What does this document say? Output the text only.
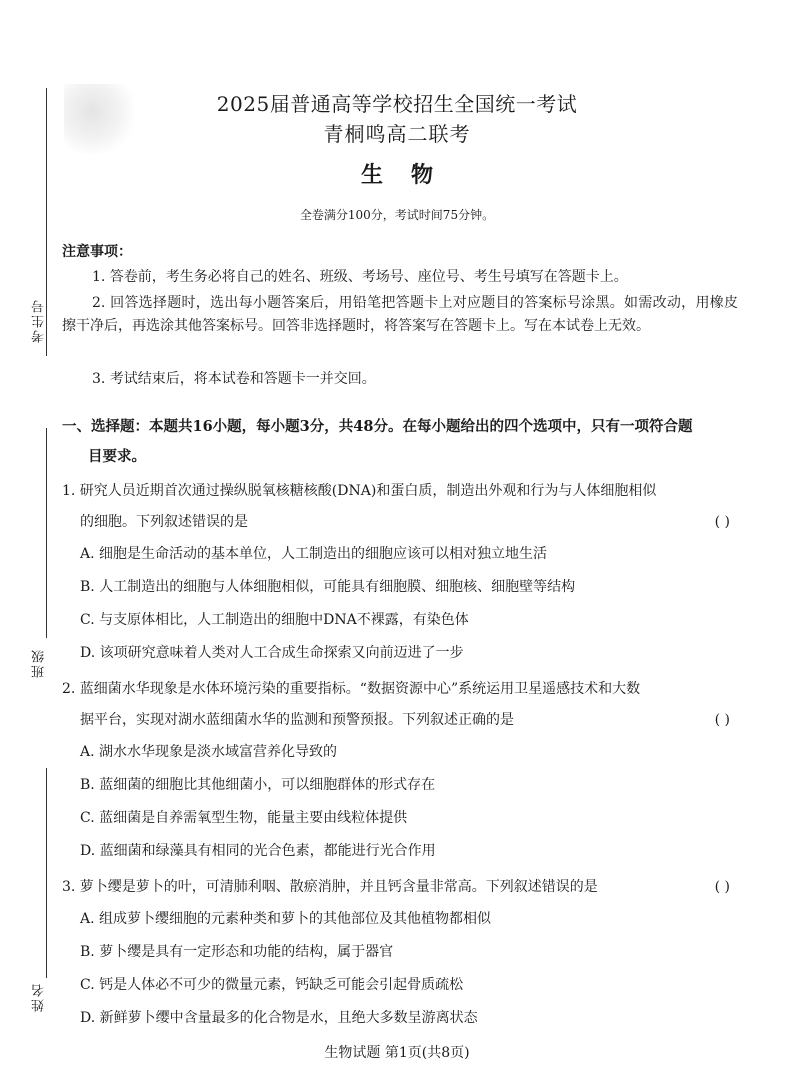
考生号
班级
姓名
2025届普通高等学校招生全国统一考试
青桐鸣高二联考
生物
全卷满分100分，考试时间75分钟。
注意事项：
1. 答卷前，考生务必将自己的姓名、班级、考场号、座位号、考生号填写在答题卡上。
2. 回答选择题时，选出每小题答案后，用铅笔把答题卡上对应题目的答案标号涂黑。如需改动，用橡皮擦干净后，再选涂其他答案标号。回答非选择题时，将答案写在答题卡上。写在本试卷上无效。
3. 考试结束后，将本试卷和答题卡一并交回。
一、选择题：本题共16小题，每小题3分，共48分。在每小题给出的四个选项中，只有一项符合题
目要求。
1. 研究人员近期首次通过操纵脱氧核糖核酸(DNA)和蛋白质，制造出外观和行为与人体细胞相似
的细胞。下列叙述错误的是	( )
A. 细胞是生命活动的基本单位，人工制造出的细胞应该可以相对独立地生活
B. 人工制造出的细胞与人体细胞相似，可能具有细胞膜、细胞核、细胞壁等结构
C. 与支原体相比，人工制造出的细胞中DNA不裸露，有染色体
D. 该项研究意味着人类对人工合成生命探索又向前迈进了一步
2. 蓝细菌水华现象是水体环境污染的重要指标。“数据资源中心”系统运用卫星遥感技术和大数
据平台，实现对湖水蓝细菌水华的监测和预警预报。下列叙述正确的是	( )
A. 湖水水华现象是淡水域富营养化导致的
B. 蓝细菌的细胞比其他细菌小，可以细胞群体的形式存在
C. 蓝细菌是自养需氧型生物，能量主要由线粒体提供
D. 蓝细菌和绿藻具有相同的光合色素，都能进行光合作用
3. 萝卜缨是萝卜的叶，可清肺利咽、散瘀消肿，并且钙含量非常高。下列叙述错误的是	( )
A. 组成萝卜缨细胞的元素种类和萝卜的其他部位及其他植物都相似
B. 萝卜缨是具有一定形态和功能的结构，属于器官
C. 钙是人体必不可少的微量元素，钙缺乏可能会引起骨质疏松
D. 新鲜萝卜缨中含量最多的化合物是水，且绝大多数呈游离状态
生物试题 第1页(共8页)
